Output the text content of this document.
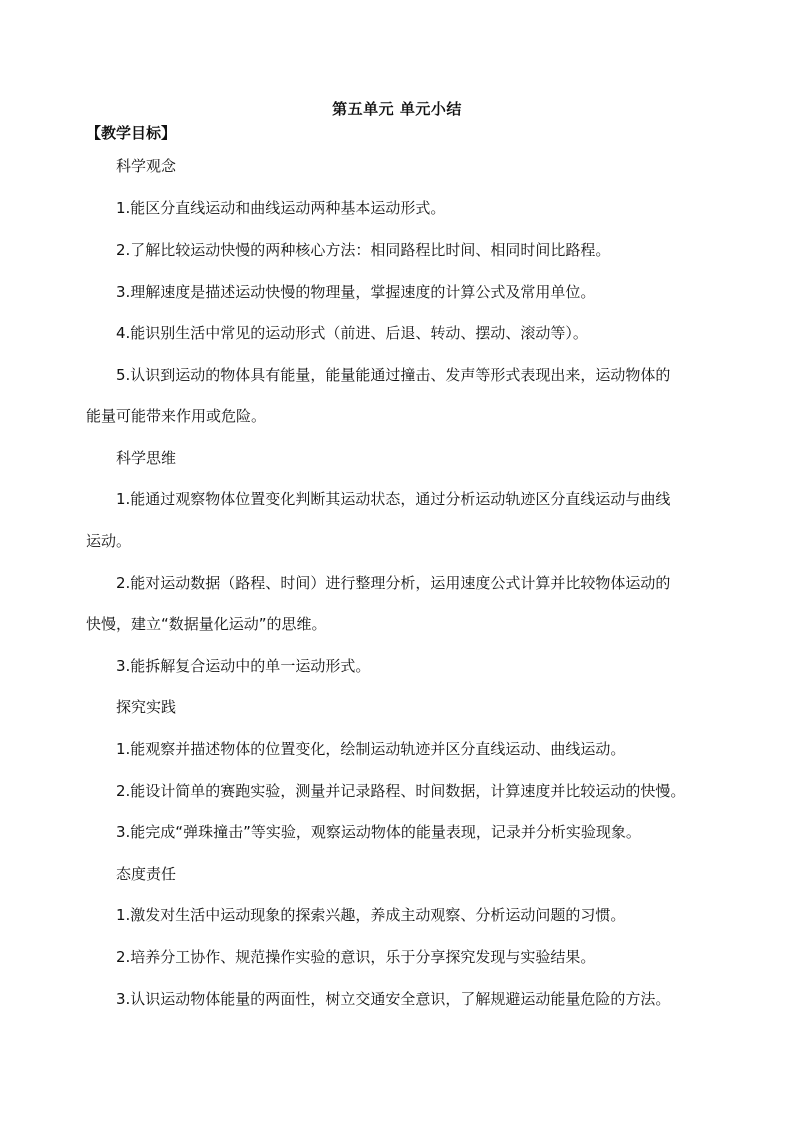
第五单元 单元小结
【教学目标】
科学观念
1.能区分直线运动和曲线运动两种基本运动形式。
2.了解比较运动快慢的两种核心方法：相同路程比时间、相同时间比路程。
3.理解速度是描述运动快慢的物理量，掌握速度的计算公式及常用单位。
4.能识别生活中常见的运动形式（前进、后退、转动、摆动、滚动等）。
5.认识到运动的物体具有能量，能量能通过撞击、发声等形式表现出来，运动物体的
能量可能带来作用或危险。
科学思维
1.能通过观察物体位置变化判断其运动状态，通过分析运动轨迹区分直线运动与曲线
运动。
2.能对运动数据（路程、时间）进行整理分析，运用速度公式计算并比较物体运动的
快慢，建立“数据量化运动”的思维。
3.能拆解复合运动中的单一运动形式。
探究实践
1.能观察并描述物体的位置变化，绘制运动轨迹并区分直线运动、曲线运动。
2.能设计简单的赛跑实验，测量并记录路程、时间数据，计算速度并比较运动的快慢。
3.能完成“弹珠撞击”等实验，观察运动物体的能量表现，记录并分析实验现象。
态度责任
1.激发对生活中运动现象的探索兴趣，养成主动观察、分析运动问题的习惯。
2.培养分工协作、规范操作实验的意识，乐于分享探究发现与实验结果。
3.认识运动物体能量的两面性，树立交通安全意识，了解规避运动能量危险的方法。
